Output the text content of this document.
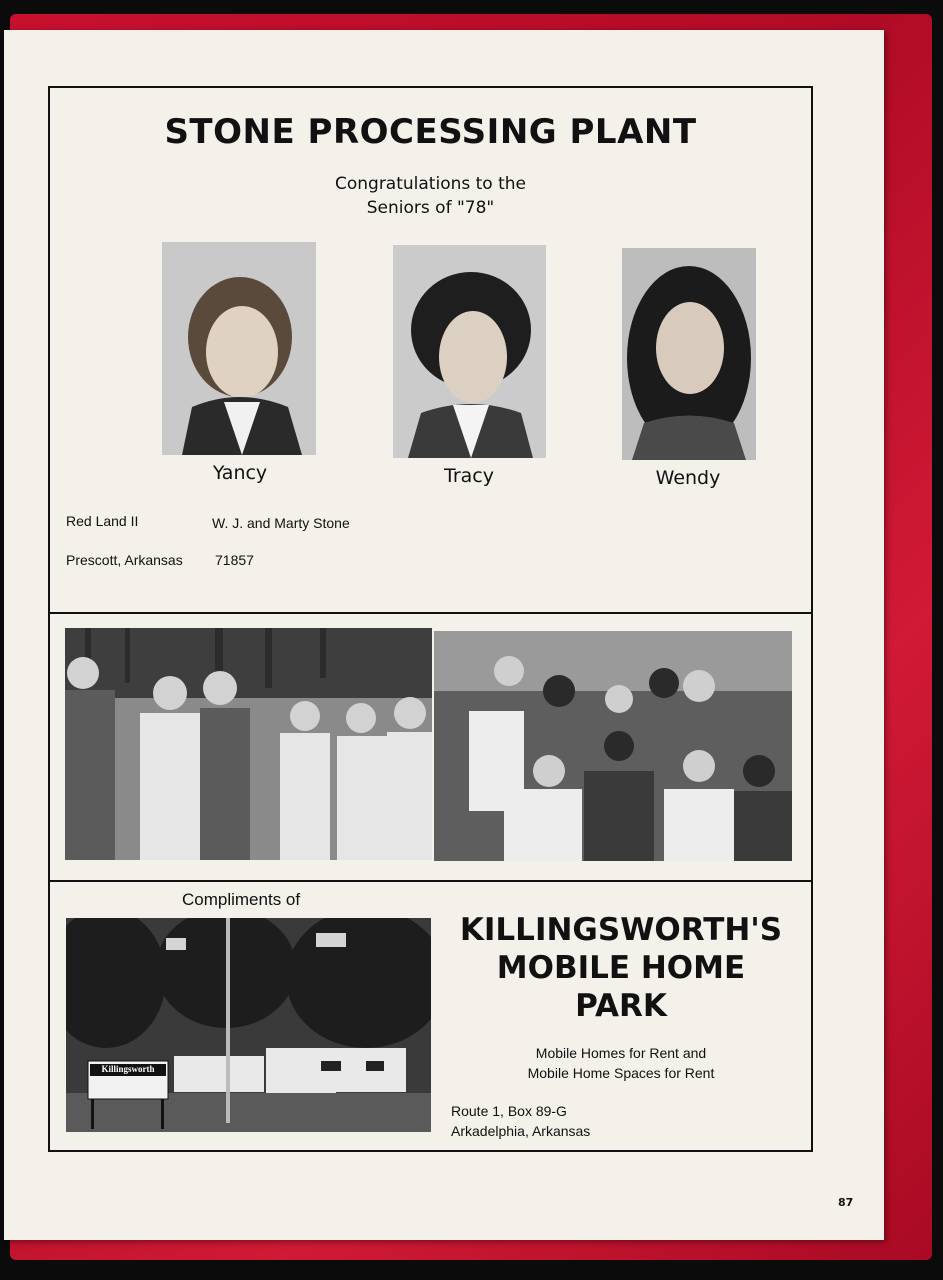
STONE PROCESSING PLANT
Congratulations to the
Seniors of "78"
Yancy	Tracy	Wendy
Red Land II	W. J. and Marty Stone
Prescott, Arkansas 71857
Compliments of
Killingsworth
KILLINGSWORTH'S
MOBILE HOME
PARK
Mobile Homes for Rent and
Mobile Home Spaces for Rent
Route 1, Box 89-G
Arkadelphia, Arkansas
87
